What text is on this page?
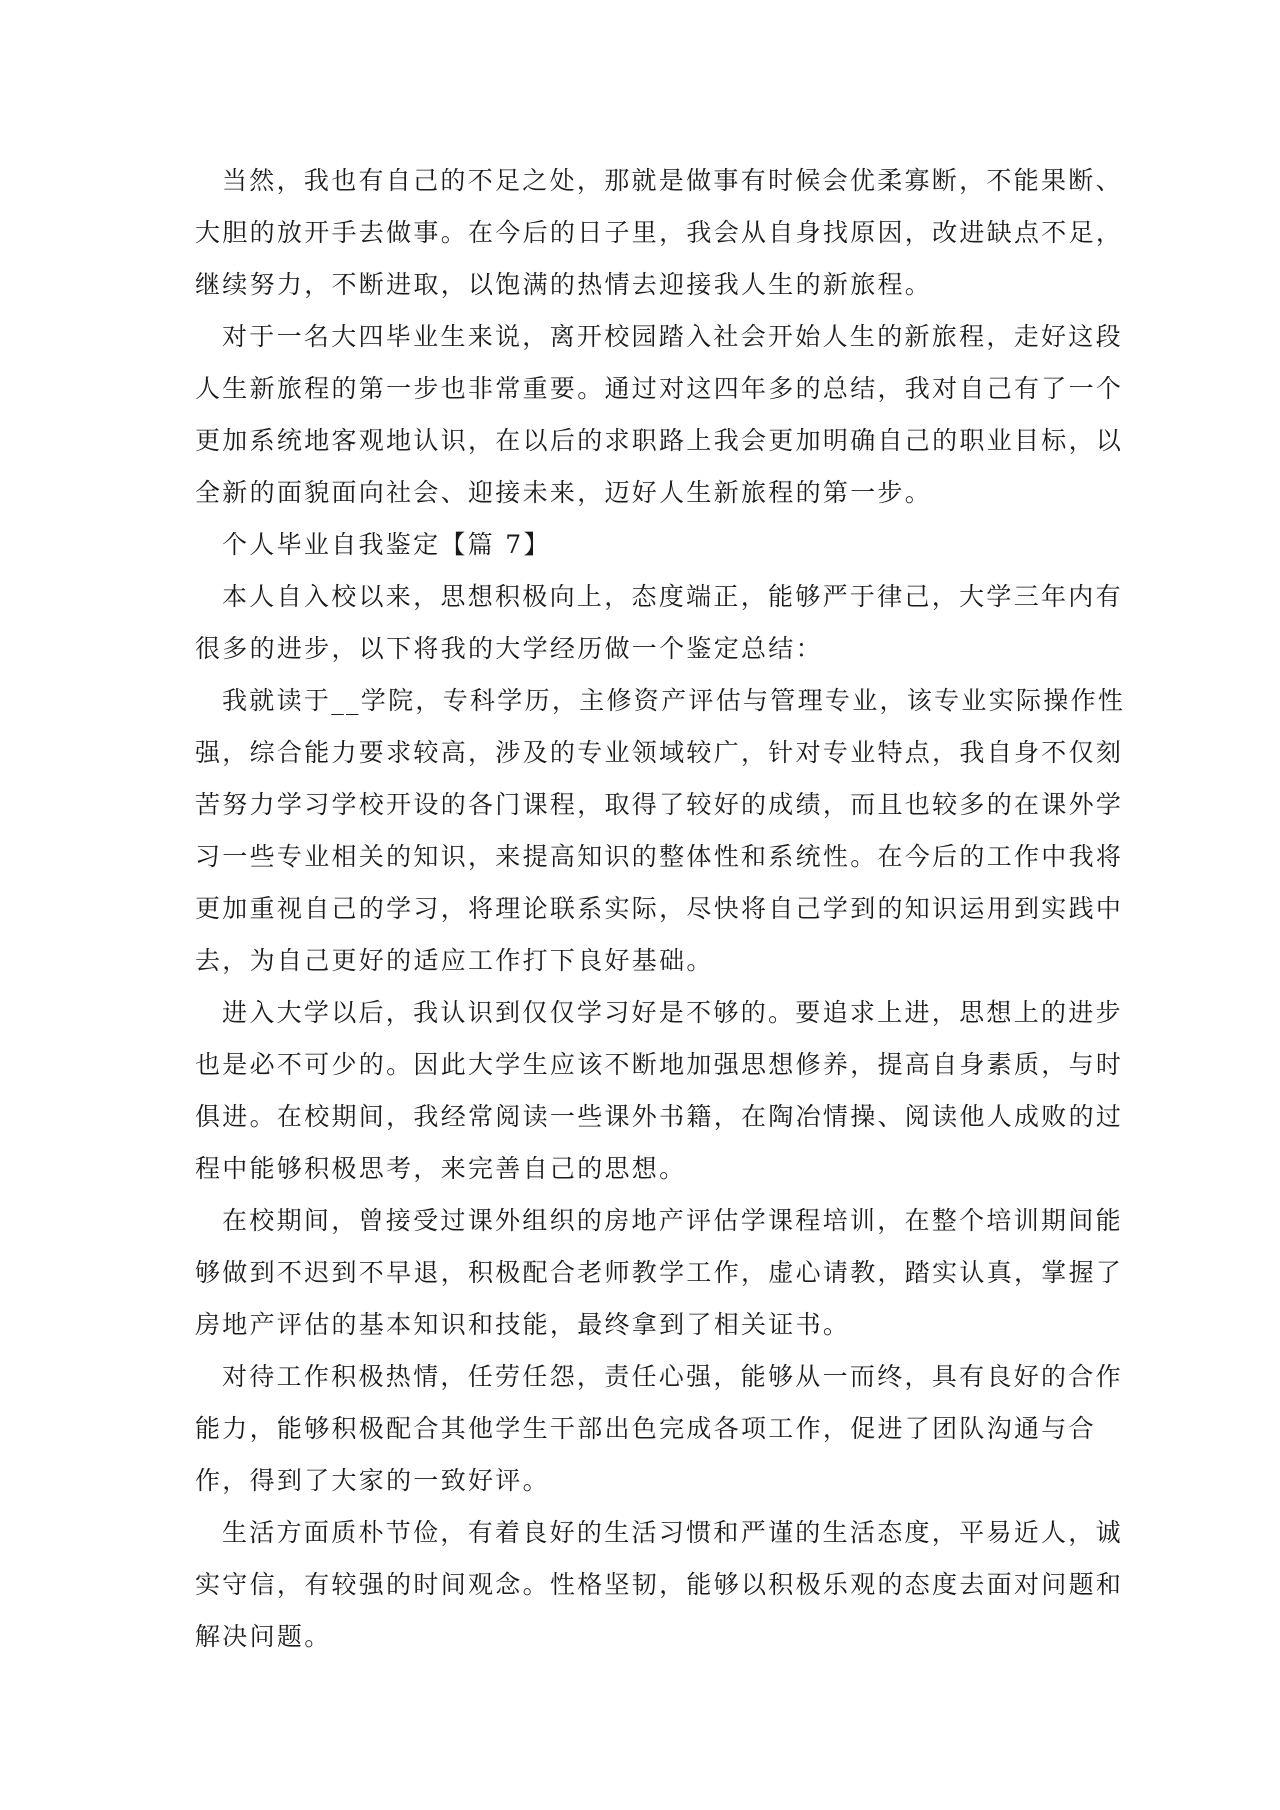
当然，我也有自己的不足之处，那就是做事有时候会优柔寡断，不能果断、
大胆的放开手去做事。在今后的日子里，我会从自身找原因，改进缺点不足，
继续努力，不断进取，以饱满的热情去迎接我人生的新旅程。
对于一名大四毕业生来说，离开校园踏入社会开始人生的新旅程，走好这段
人生新旅程的第一步也非常重要。通过对这四年多的总结，我对自己有了一个
更加系统地客观地认识，在以后的求职路上我会更加明确自己的职业目标，以
全新的面貌面向社会、迎接未来，迈好人生新旅程的第一步。
个人毕业自我鉴定【篇 7】
本人自入校以来，思想积极向上，态度端正，能够严于律己，大学三年内有
很多的进步，以下将我的大学经历做一个鉴定总结：
我就读于__学院，专科学历，主修资产评估与管理专业，该专业实际操作性
强，综合能力要求较高，涉及的专业领域较广，针对专业特点，我自身不仅刻
苦努力学习学校开设的各门课程，取得了较好的成绩，而且也较多的在课外学
习一些专业相关的知识，来提高知识的整体性和系统性。在今后的工作中我将
更加重视自己的学习，将理论联系实际，尽快将自己学到的知识运用到实践中
去，为自己更好的适应工作打下良好基础。
进入大学以后，我认识到仅仅学习好是不够的。要追求上进，思想上的进步
也是必不可少的。因此大学生应该不断地加强思想修养，提高自身素质，与时
俱进。在校期间，我经常阅读一些课外书籍，在陶冶情操、阅读他人成败的过
程中能够积极思考，来完善自己的思想。
在校期间，曾接受过课外组织的房地产评估学课程培训，在整个培训期间能
够做到不迟到不早退，积极配合老师教学工作，虚心请教，踏实认真，掌握了
房地产评估的基本知识和技能，最终拿到了相关证书。
对待工作积极热情，任劳任怨，责任心强，能够从一而终，具有良好的合作
能力，能够积极配合其他学生干部出色完成各项工作，促进了团队沟通与合
作，得到了大家的一致好评。
生活方面质朴节俭，有着良好的生活习惯和严谨的生活态度，平易近人，诚
实守信，有较强的时间观念。性格坚韧，能够以积极乐观的态度去面对问题和
解决问题。
